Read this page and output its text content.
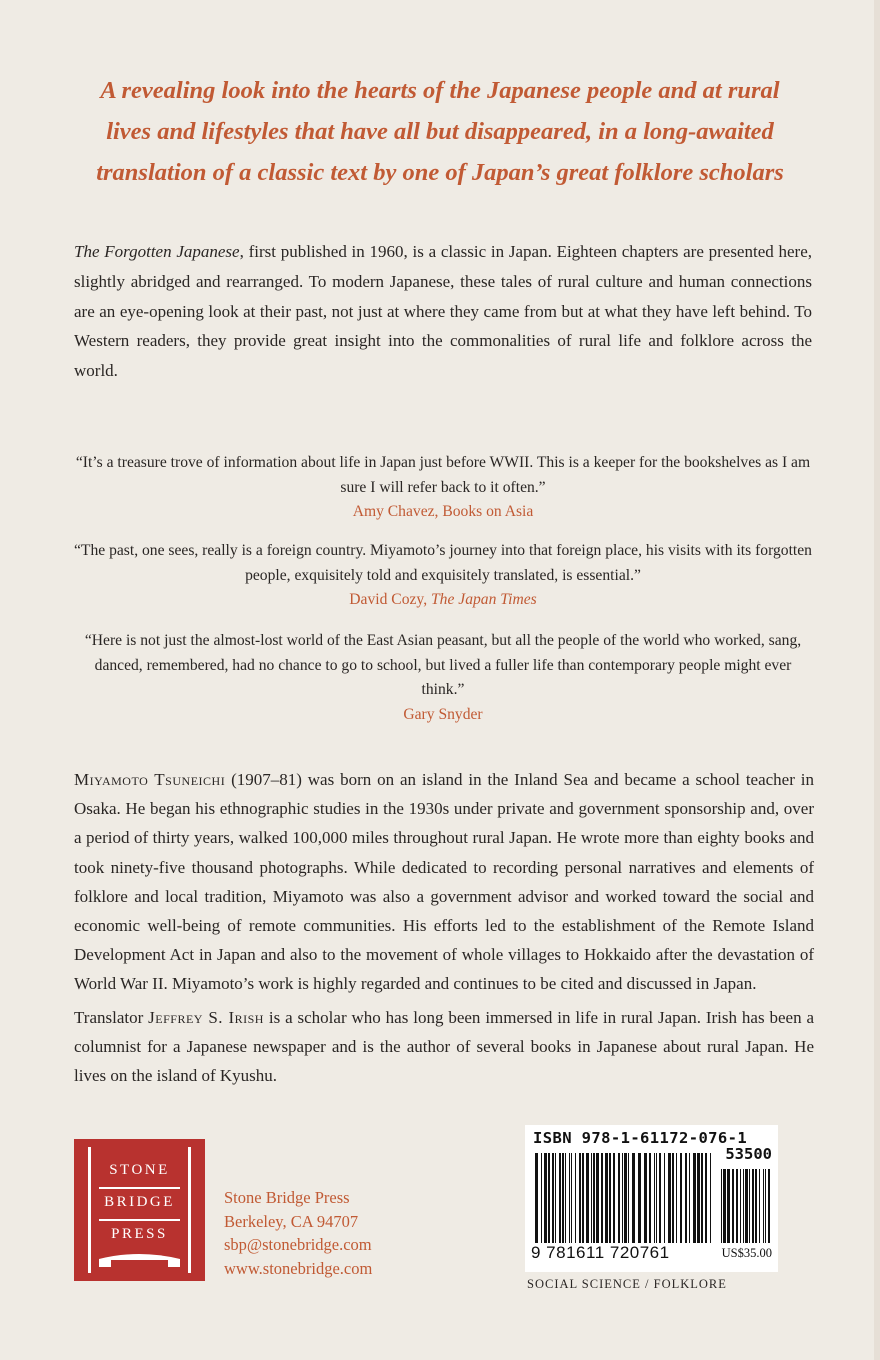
A revealing look into the hearts of the Japanese people and at rural lives and lifestyles that have all but disappeared, in a long-awaited translation of a classic text by one of Japan’s great folklore scholars

The Forgotten Japanese, first published in 1960, is a classic in Japan. Eighteen chapters are presented here, slightly abridged and rearranged. To modern Japanese, these tales of rural culture and human connections are an eye-opening look at their past, not just at where they came from but at what they have left behind. To Western readers, they provide great insight into the commonalities of rural life and folklore across the world.

“It’s a treasure trove of information about life in Japan just before WWII. This is a keeper for the bookshelves as I am sure I will refer back to it often.”
Amy Chavez, Books on Asia
“The past, one sees, really is a foreign country. Miyamoto’s journey into that foreign place, his visits with its forgotten people, exquisitely told and exquisitely translated, is essential.”
David Cozy, The Japan Times
“Here is not just the almost-lost world of the East Asian peasant, but all the people of the world who worked, sang, danced, remembered, had no chance to go to school, but lived a fuller life than contemporary people might ever think.”
Gary Snyder

Miyamoto Tsuneichi (1907–81) was born on an island in the Inland Sea and became a school teacher in Osaka. He began his ethnographic studies in the 1930s under private and government sponsorship and, over a period of thirty years, walked 100,000 miles throughout rural Japan. He wrote more than eighty books and took ninety-five thousand photographs. While dedicated to recording personal narratives and elements of folklore and local tradition, Miyamoto was also a government advisor and worked toward the social and economic well-being of remote communities. His efforts led to the establishment of the Remote Island Development Act in Japan and also to the movement of whole villages to Hokkaido after the devastation of World War II. Miyamoto’s work is highly regarded and continues to be cited and discussed in Japan.

Translator Jeffrey S. Irish is a scholar who has long been immersed in life in rural Japan. Irish has been a columnist for a Japanese newspaper and is the author of several books in Japanese about rural Japan. He lives on the island of Kyushu.

STONE
BRIDGE
PRESS
Stone Bridge Press
Berkeley, CA 94707
sbp@stonebridge.com
www.stonebridge.com
ISBN 978-1-61172-076-1
53500
9 781611 720761	US$35.00
SOCIAL SCIENCE / FOLKLORE
